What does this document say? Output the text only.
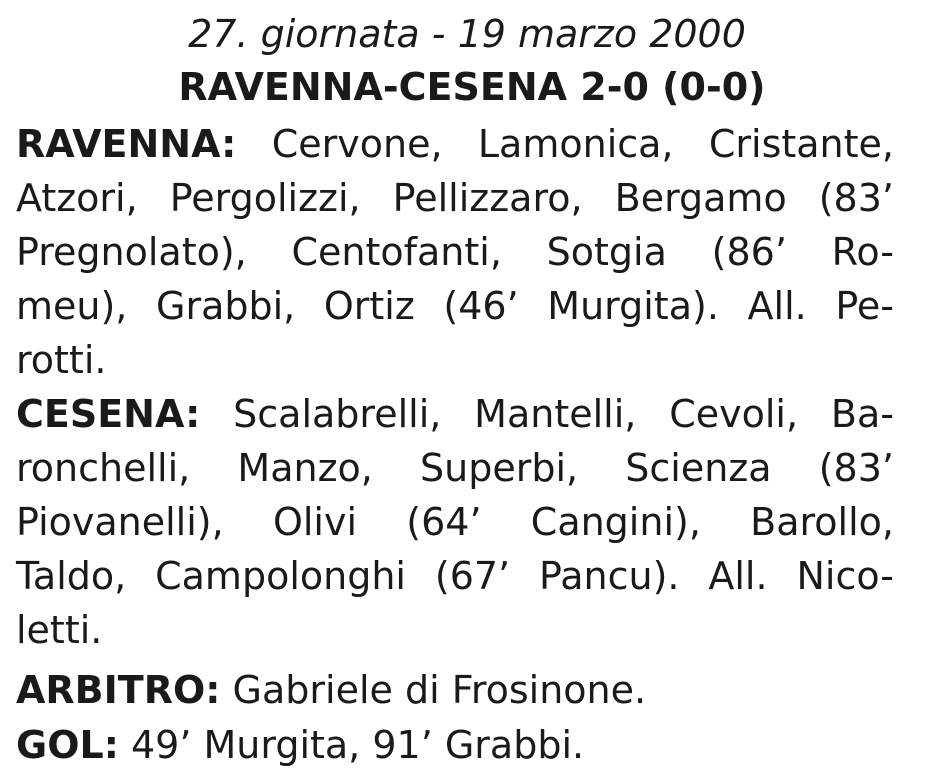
27. giornata - 19 marzo 2000
RAVENNA-CESENA 2-0 (0-0)
RAVENNA: Cervone, Lamonica, Cristante,
Atzori, Pergolizzi, Pellizzaro, Bergamo (83’
Pregnolato), Centofanti, Sotgia (86’ Ro-
meu), Grabbi, Ortiz (46’ Murgita). All. Pe-
rotti.
CESENA: Scalabrelli, Mantelli, Cevoli, Ba-
ronchelli, Manzo, Superbi, Scienza (83’
Piovanelli), Olivi (64’ Cangini), Barollo,
Taldo, Campolonghi (67’ Pancu). All. Nico-
letti.
ARBITRO: Gabriele di Frosinone.
GOL: 49’ Murgita, 91’ Grabbi.
